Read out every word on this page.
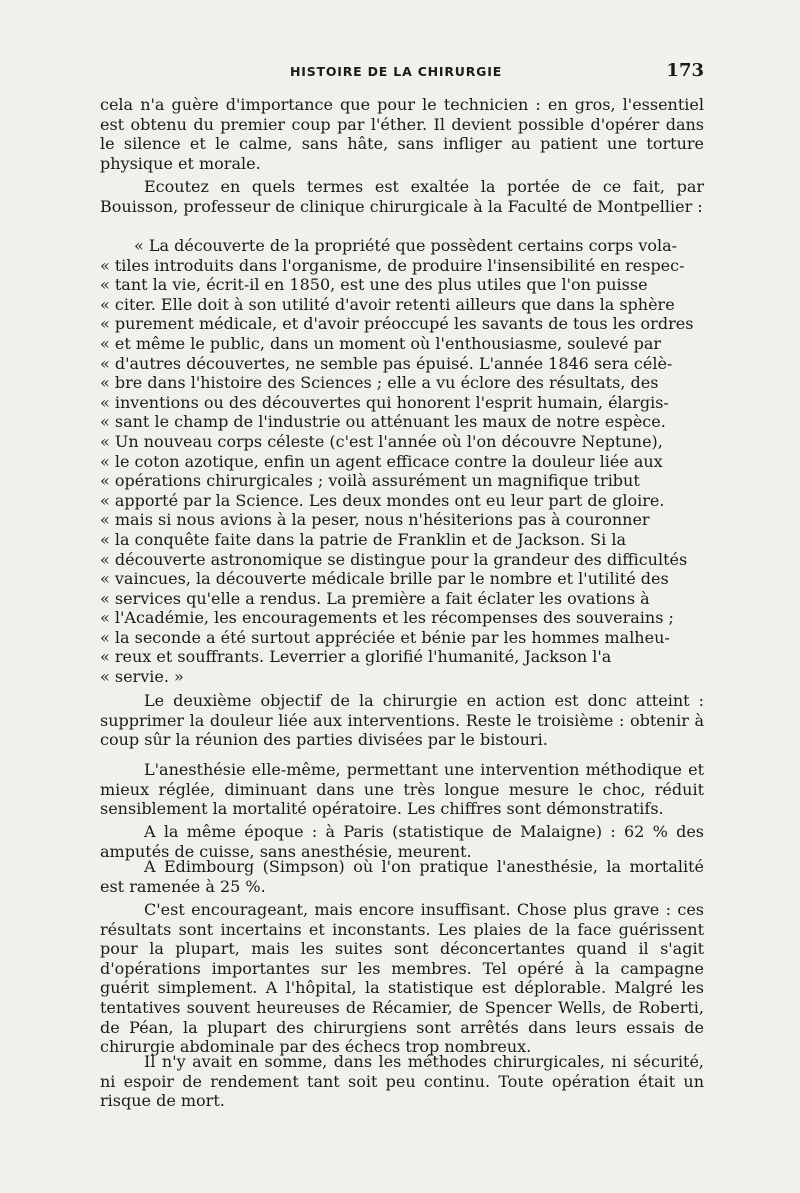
HISTOIRE DE LA CHIRURGIE	173

cela n'a guère d'importance que pour le technicien : en gros, l'essentiel est obtenu du premier coup par l'éther. Il devient possible d'opérer dans le silence et le calme, sans hâte, sans infliger au patient une torture physique et morale.

Ecoutez en quels termes est exaltée la portée de ce fait, par Bouisson, professeur de clinique chirurgicale à la Faculté de Montpellier :

« La découverte de la propriété que possèdent certains corps vola-
« tiles introduits dans l'organisme, de produire l'insensibilité en respec-
« tant la vie, écrit-il en 1850, est une des plus utiles que l'on puisse
« citer. Elle doit à son utilité d'avoir retenti ailleurs que dans la sphère
« purement médicale, et d'avoir préoccupé les savants de tous les ordres
« et même le public, dans un moment où l'enthousiasme, soulevé par
« d'autres découvertes, ne semble pas épuisé. L'année 1846 sera célè-
« bre dans l'histoire des Sciences ; elle a vu éclore des résultats, des
« inventions ou des découvertes qui honorent l'esprit humain, élargis-
« sant le champ de l'industrie ou atténuant les maux de notre espèce.
« Un nouveau corps céleste (c'est l'année où l'on découvre Neptune),
« le coton azotique, enfin un agent efficace contre la douleur liée aux
« opérations chirurgicales ; voilà assurément un magnifique tribut
« apporté par la Science. Les deux mondes ont eu leur part de gloire.
« mais si nous avions à la peser, nous n'hésiterions pas à couronner
« la conquête faite dans la patrie de Franklin et de Jackson. Si la
« découverte astronomique se distingue pour la grandeur des difficultés
« vaincues, la découverte médicale brille par le nombre et l'utilité des
« services qu'elle a rendus. La première a fait éclater les ovations à
« l'Académie, les encouragements et les récompenses des souverains ;
« la seconde a été surtout appréciée et bénie par les hommes malheu-
« reux et souffrants. Leverrier a glorifié l'humanité, Jackson l'a
« servie. »

Le deuxième objectif de la chirurgie en action est donc atteint : supprimer la douleur liée aux interventions. Reste le troisième : obtenir à coup sûr la réunion des parties divisées par le bistouri.

L'anesthésie elle-même, permettant une intervention méthodique et mieux réglée, diminuant dans une très longue mesure le choc, réduit sensiblement la mortalité opératoire. Les chiffres sont démonstratifs.

A la même époque : à Paris (statistique de Malaigne) : 62 % des amputés de cuisse, sans anesthésie, meurent.

A Edimbourg (Simpson) où l'on pratique l'anesthésie, la mortalité est ramenée à 25 %.

C'est encourageant, mais encore insuffisant. Chose plus grave : ces résultats sont incertains et inconstants. Les plaies de la face guérissent pour la plupart, mais les suites sont déconcertantes quand il s'agit d'opérations importantes sur les membres. Tel opéré à la campagne guérit simplement. A l'hôpital, la statistique est déplorable. Malgré les tentatives souvent heureuses de Récamier, de Spencer Wells, de Roberti, de Péan, la plupart des chirurgiens sont arrêtés dans leurs essais de chirurgie abdominale par des échecs trop nombreux.

Il n'y avait en somme, dans les méthodes chirurgicales, ni sécurité, ni espoir de rendement tant soit peu continu. Toute opération était un risque de mort.
